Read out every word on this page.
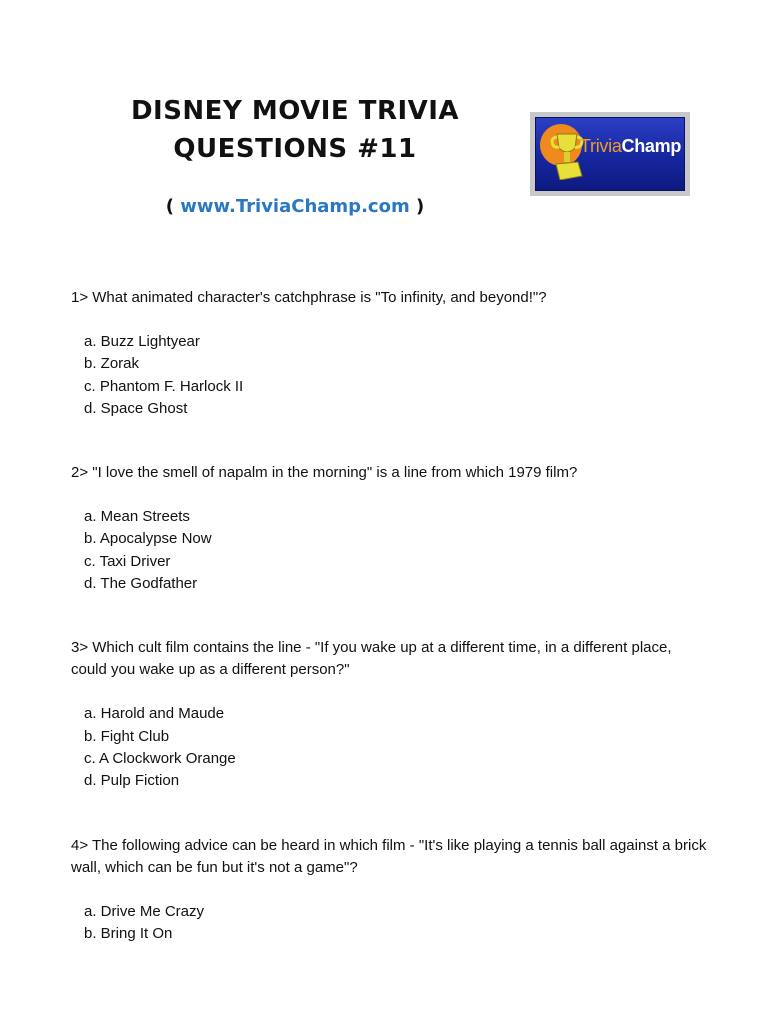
DISNEY MOVIE TRIVIA
QUESTIONS #11
( www.TriviaChamp.com )
TriviaChamp
1> What animated character's catchphrase is "To infinity, and beyond!"?
a. Buzz Lightyear
b. Zorak
c. Phantom F. Harlock II
d. Space Ghost
2> "I love the smell of napalm in the morning" is a line from which 1979 film?
a. Mean Streets
b. Apocalypse Now
c. Taxi Driver
d. The Godfather
3> Which cult film contains the line - "If you wake up at a different time, in a different place, could you wake up as a different person?"
a. Harold and Maude
b. Fight Club
c. A Clockwork Orange
d. Pulp Fiction
4> The following advice can be heard in which film - "It's like playing a tennis ball against a brick wall, which can be fun but it's not a game"?
a. Drive Me Crazy
b. Bring It On
